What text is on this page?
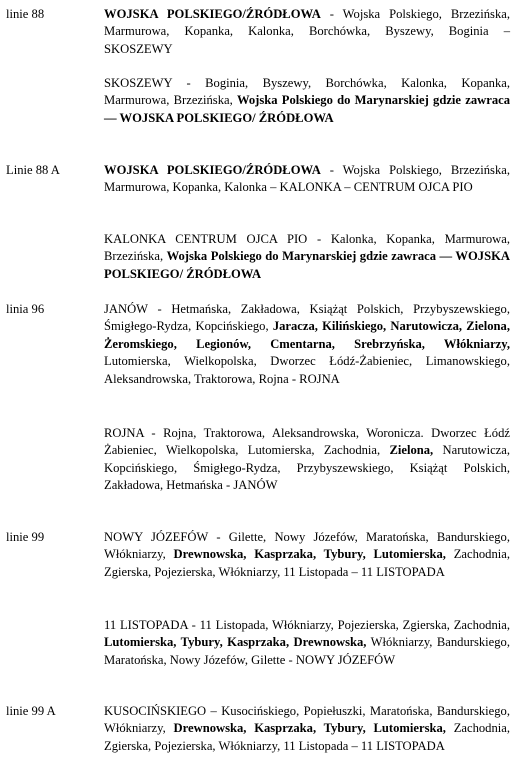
linie 88	WOJSKA POLSKIEGO/ŹRÓDŁOWA - Wojska Polskiego, Brzezińska, Marmurowa, Kopanka, Kalonka, Borchówka, Byszewy, Boginia – SKOSZEWY
SKOSZEWY - Boginia, Byszewy, Borchówka, Kalonka, Kopanka, Marmurowa, Brzezińska, Wojska Polskiego do Marynarskiej gdzie zawraca — WOJSKA POLSKIEGO/ ŹRÓDŁOWA
Linie 88 A	WOJSKA POLSKIEGO/ŹRÓDŁOWA - Wojska Polskiego, Brzezińska, Marmurowa, Kopanka, Kalonka – KALONKA – CENTRUM OJCA PIO
KALONKA CENTRUM OJCA PIO - Kalonka, Kopanka, Marmurowa, Brzezińska, Wojska Polskiego do Marynarskiej gdzie zawraca — WOJSKA POLSKIEGO/ ŹRÓDŁOWA
linia 96	JANÓW - Hetmańska, Zakładowa, Książąt Polskich, Przybyszewskiego, Śmigłego-Rydza, Kopcińskiego, Jaracza, Kilińskiego, Narutowicza, Zielona, Żeromskiego, Legionów, Cmentarna, Srebrzyńska, Włókniarzy, Lutomierska, Wielkopolska, Dworzec Łódź-Żabieniec, Limanowskiego, Aleksandrowska, Traktorowa, Rojna - ROJNA
ROJNA - Rojna, Traktorowa, Aleksandrowska, Woronicza. Dworzec Łódź Żabieniec, Wielkopolska, Lutomierska, Zachodnia, Zielona, Narutowicza, Kopcińskiego, Śmigłego-Rydza, Przybyszewskiego, Książąt Polskich, Zakładowa, Hetmańska - JANÓW
linie 99	NOWY JÓZEFÓW - Gilette, Nowy Józefów, Maratońska, Bandurskiego, Włókniarzy, Drewnowska, Kasprzaka, Tybury, Lutomierska, Zachodnia, Zgierska, Pojezierska, Włókniarzy, 11 Listopada – 11 LISTOPADA
11 LISTOPADA - 11 Listopada, Włókniarzy, Pojezierska, Zgierska, Zachodnia, Lutomierska, Tybury, Kasprzaka, Drewnowska, Włókniarzy, Bandurskiego, Maratońska, Nowy Józefów, Gilette - NOWY JÓZEFÓW
linie 99 A	KUSOCIŃSKIEGO – Kusocińskiego, Popiełuszki, Maratońska, Bandurskiego, Włókniarzy, Drewnowska, Kasprzaka, Tybury, Lutomierska, Zachodnia, Zgierska, Pojezierska, Włókniarzy, 11 Listopada – 11 LISTOPADA
